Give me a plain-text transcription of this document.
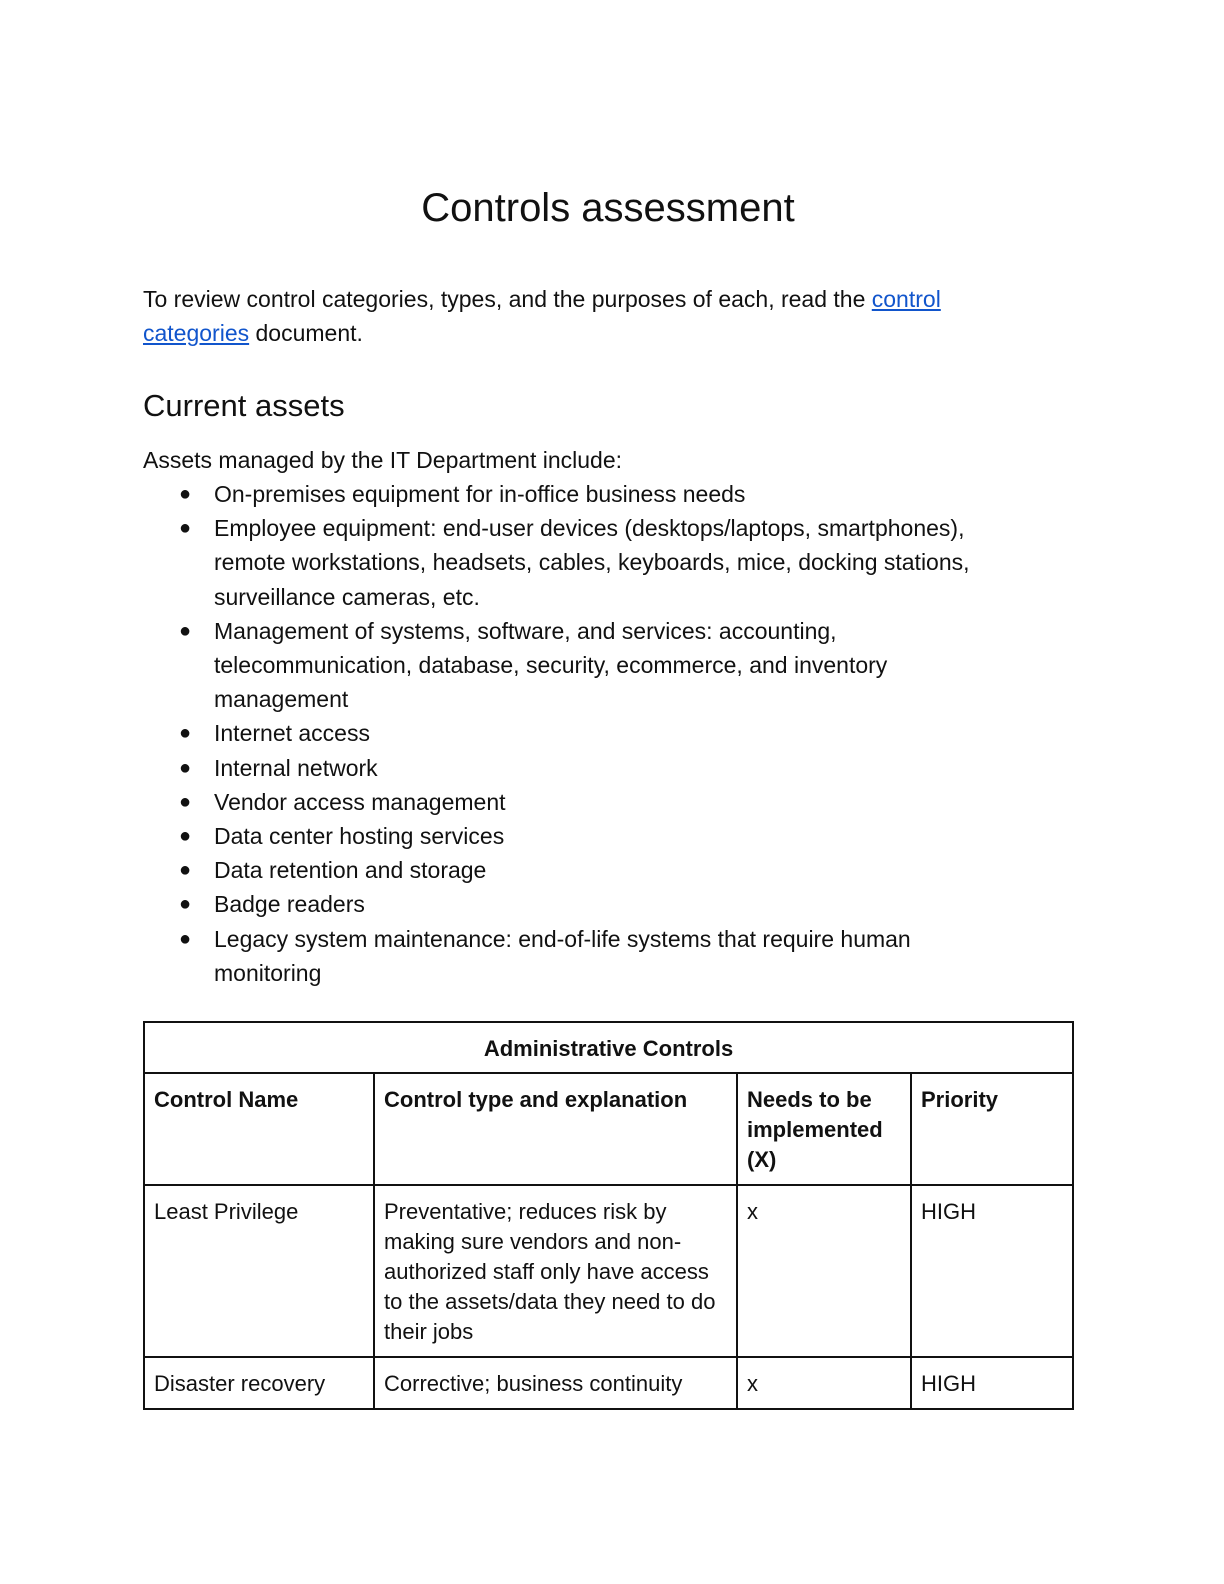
Controls assessment

To review control categories, types, and the purposes of each, read the control categories document.

Current assets

Assets managed by the IT Department include:

● On-premises equipment for in-office business needs
● Employee equipment: end-user devices (desktops/laptops, smartphones), remote workstations, headsets, cables, keyboards, mice, docking stations, surveillance cameras, etc.
● Management of systems, software, and services: accounting, telecommunication, database, security, ecommerce, and inventory management
● Internet access
● Internal network
● Vendor access management
● Data center hosting services
● Data retention and storage
● Badge readers
● Legacy system maintenance: end-of-life systems that require human monitoring
Administrative Controls			
Control Name	Control type and explanation	Needs to be implemented (X)	Priority
Least Privilege	Preventative; reduces risk by making sure vendors and non-authorized staff only have access to the assets/data they need to do their jobs	x	HIGH
Disaster recovery	Corrective; business continuity	x	HIGH
